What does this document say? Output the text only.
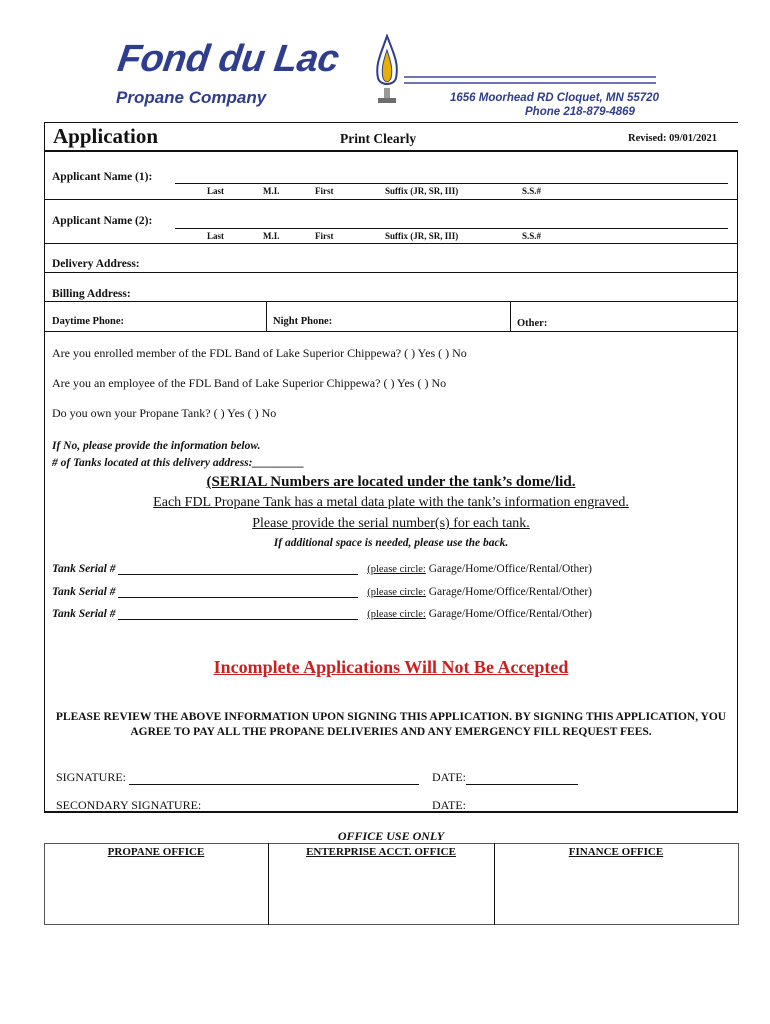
Fond du Lac
Propane Company	1656 Moorhead RD Cloquet, MN 55720
Phone 218-879-4869
Application	Print Clearly	Revised: 09/01/2021
Applicant Name (1):
Last	M.I.	First	Suffix (JR, SR, III)	S.S.#
Applicant Name (2):
Last	M.I.	First	Suffix (JR, SR, III)	S.S.#
Delivery Address:
Billing Address:
Daytime Phone:	Night Phone:	Other:
Are you enrolled member of the FDL Band of Lake Superior Chippewa? ( ) Yes ( ) No
Are you an employee of the FDL Band of Lake Superior Chippewa? ( ) Yes ( ) No
Do you own your Propane Tank? ( ) Yes ( ) No
If No, please provide the information below.
# of Tanks located at this delivery address:_________
(SERIAL Numbers are located under the tank’s dome/lid.
Each FDL Propane Tank has a metal data plate with the tank’s information engraved.
Please provide the serial number(s) for each tank.
If additional space is needed, please use the back.
Tank Serial #	(please circle: Garage/Home/Office/Rental/Other)
Tank Serial #	(please circle: Garage/Home/Office/Rental/Other)
Tank Serial #	(please circle: Garage/Home/Office/Rental/Other)
Incomplete Applications Will Not Be Accepted
PLEASE REVIEW THE ABOVE INFORMATION UPON SIGNING THIS APPLICATION. BY SIGNING THIS APPLICATION, YOU AGREE TO PAY ALL THE PROPANE DELIVERIES AND ANY EMERGENCY FILL REQUEST FEES.
SIGNATURE:	DATE:
SECONDARY SIGNATURE:	DATE:
OFFICE USE ONLY
PROPANE OFFICE	ENTERPRISE ACCT. OFFICE	FINANCE OFFICE
